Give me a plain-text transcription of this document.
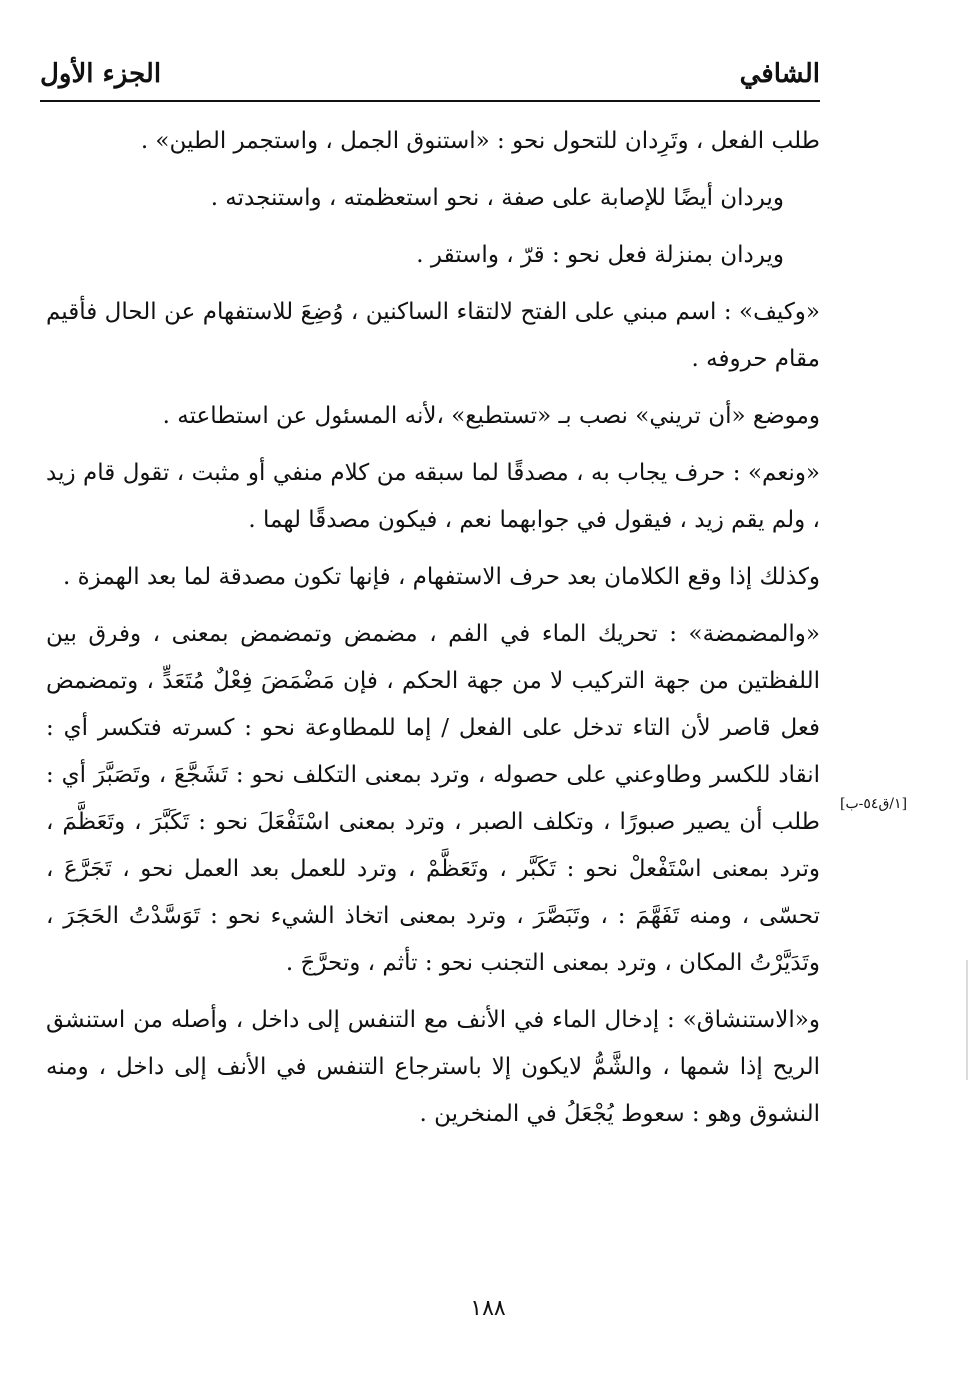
الشافي
الجزء الأول

طلب الفعل ، وتَرِدان للتحول نحو : «استنوق الجمل ، واستجمر الطين» .

ويردان أيضًا للإصابة على صفة ، نحو استعظمته ، واستنجدته .

ويردان بمنزلة فعل نحو : قرّ ، واستقر .

«وكيف» : اسم مبني على الفتح لالتقاء الساكنين ، وُضِعَ للاستفهام عن الحال فأقيم مقام حروفه .

وموضع «أن تريني» نصب بـ «تستطيع» ،لأنه المسئول عن استطاعته .

«ونعم» : حرف يجاب به ، مصدقًا لما سبقه من كلام منفي أو مثبت ، تقول قام زيد ، ولم يقم زيد ، فيقول في جوابهما نعم ، فيكون مصدقًا لهما .

وكذلك إذا وقع الكلامان بعد حرف الاستفهام ، فإنها تكون مصدقة لما بعد الهمزة .

«والمضمضة» : تحريك الماء في الفم ، مضمض وتمضمض بمعنى ، وفرق بين اللفظتين من جهة التركيب لا من جهة الحكم ، فإن مَضْمَضَ فِعْلٌ مُتَعَدٍّ ، وتمضمض فعل قاصر لأن التاء تدخل على الفعل / إما للمطاوعة نحو : كسرته فتكسر أي : انقاد للكسر وطاوعني على حصوله ، وترد بمعنى التكلف نحو : تَشَجَّعَ ، وتَصَبَّرَ أي : طلب أن يصير صبورًا ، وتكلف الصبر ، وترد بمعنى اسْتَفْعَلَ نحو : تَكَبَّرَ ، وتَعَظَّمَ ، وترد بمعنى اسْتَفْعلْ نحو : تَكَبَّر ، وتَعَظَّمْ ، وترد للعمل بعد العمل نحو ، تَجَرَّعَ ، تحسّى ، ومنه تَفَهَّمَ : ، وتَبَصَّرَ ، وترد بمعنى اتخاذ الشيء نحو : تَوَسَّدْتُ الحَجَرَ ، وتَدَيَّرْتُ المكان ، وترد بمعنى التجنب نحو : تأثم ، وتحرَّجَ .

و«الاستنشاق» : إدخال الماء في الأنف مع التنفس إلى داخل ، وأصله من استنشق الريح إذا شمها ، والشَّمُّ لايكون إلا باسترجاع التنفس في الأنف إلى داخل ، ومنه النشوق وهو : سعوط يُجْعَلُ في المنخرين .

[١/ق٥٤-ب]
١٨٨
